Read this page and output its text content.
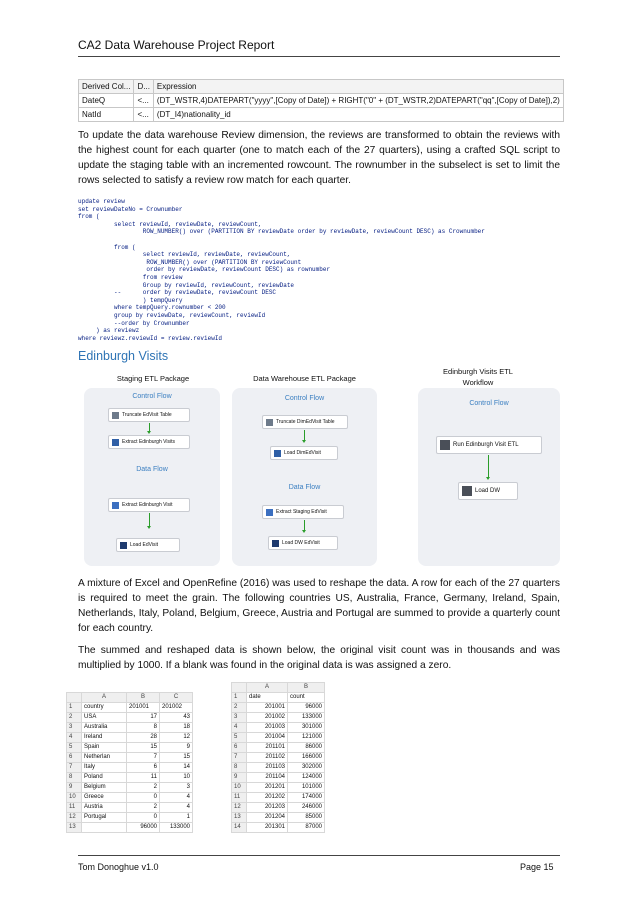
CA2 Data Warehouse Project Report
Derived Col...	D...	Expression
DateQ	<...	(DT_WSTR,4)DATEPART("yyyy",[Copy of Date]) + RIGHT("0" + (DT_WSTR,2)DATEPART("qq",[Copy of Date]),2)
NatId	<...	(DT_I4)nationality_id
To update the data warehouse Review dimension, the reviews are transformed to obtain the reviews with the highest count for each quarter (one to match each of the 27 quarters), using a crafted SQL script to update the staging table with an incremented rowcount. The rownumber in the subselect is set to limit the rows selected to satisfy a review row match for each quarter.
update review
set reviewDateNo = Crownumber
from (
select reviewId, reviewDate, reviewCount,
ROW_NUMBER() over (PARTITION BY reviewDate order by reviewDate, reviewCount DESC) as Crownumber

from (
select reviewId, reviewDate, reviewCount,
ROW_NUMBER() over (PARTITION BY reviewCount
order by reviewDate, reviewCount DESC) as rownumber
from review
Group by reviewId, reviewCount, reviewDate
--      order by reviewDate, reviewCount DESC
) tempQuery
where tempQuery.rownumber < 200
group by reviewDate, reviewCount, reviewId
--order by Crownumber
) as reviewz
where reviewz.reviewId = review.reviewId
Edinburgh Visits
Staging ETL Package	Data Warehouse ETL Package
Edinburgh Visits ETL
Workflow
Control Flow
Truncate EdVisit Table
Extract Edinburgh Visits
Data Flow
Extract Edinburgh Visit
Load EdVisit
Control Flow
Truncate DimEdVisit Table
Load DimEdVisit
Data Flow
Extract Staging EdVisit
Load DW EdVisit
Control Flow
Run Edinburgh Visit ETL
Load DW
A mixture of Excel and OpenRefine (2016) was used to reshape the data. A row for each of the 27 quarters is required to meet the grain. The following countries US, Australia, France, Germany, Ireland, Spain, Netherlands, Italy, Poland, Belgium, Greece, Austria and Portugal are summed to provide a quarterly count for each country.
The summed and reshaped data is shown below, the original visit count was in thousands and was multiplied by 1000. If a blank was found in the original data is was assigned a zero.
	A	B	C
1	country	201001	201002
2	USA	17	43
3	Australia	8	18
4	Ireland	28	12
5	Spain	15	9
6	Netherlan	7	15
7	Italy	6	14
8	Poland	11	10
9	Belgium	2	3
10	Greece	0	4
11	Austria	2	4
12	Portugal	0	1
13		96000	133000
	A	B
1	date	count
2	201001	96000
3	201002	133000
4	201003	301000
5	201004	121000
6	201101	86000
7	201102	166000
8	201103	302000
9	201104	124000
10	201201	101000
11	201202	174000
12	201203	246000
13	201204	85000
14	201301	87000
Tom Donoghue v1.0	Page 15
